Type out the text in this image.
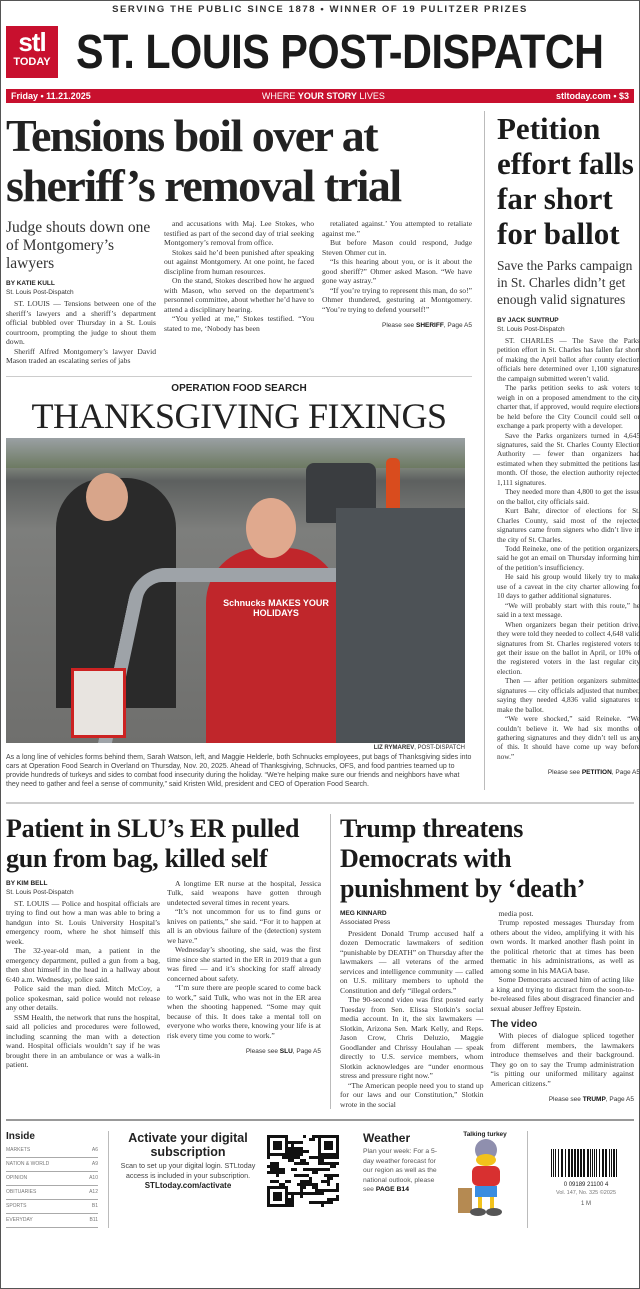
SERVING THE PUBLIC SINCE 1878 • WINNER OF 19 PULITZER PRIZES
stl
TODAY ST. LOUIS POST-DISPATCH
Friday • 11.21.2025	WHERE YOUR STORY LIVES	stltoday.com • $3
Tensions boil over at sheriff’s removal trial
Judge shouts down one of Montgomery’s lawyers
BY KATIE KULL
St. Louis Post-Dispatch

ST. LOUIS — Tensions between one of the sheriff’s lawyers and a sheriff’s department official bubbled over Thursday in a St. Louis courtroom, prompting the judge to shout them down.

Sheriff Alfred Montgomery’s lawyer David Mason traded an escalating series of jabs

and accusations with Maj. Lee Stokes, who testified as part of the second day of trial seeking Montgomery’s removal from office.

Stokes said he’d been punished after speaking out against Montgomery. At one point, he faced discipline from human resources.

On the stand, Stokes described how he argued with Mason, who served on the department’s personnel committee, about whether he’d have to attend a disciplinary hearing.

“You yelled at me,” Stokes testified. “You stated to me, ‘Nobody has been

retaliated against.’ You attempted to retaliate against me.”

But before Mason could respond, Judge Steven Ohmer cut in.

“Is this hearing about you, or is it about the good sheriff?” Ohmer asked Mason. “We have gone way astray.”

“If you’re trying to represent this man, do so!” Ohmer thundered, gesturing at Montgomery. “You’re trying to defend yourself!”

Please see SHERIFF, Page A5
OPERATION FOOD SEARCH
THANKSGIVING FIXINGS
Schnucks MAKES YOUR HOLIDAYS
LIZ RYMAREV, POST-DISPATCH
As a long line of vehicles forms behind them, Sarah Watson, left, and Maggie Helderle, both Schnucks employees, put bags of Thanksgiving sides into cars at Operation Food Search in Overland on Thursday, Nov. 20, 2025. Ahead of Thanksgiving, Schnucks, OFS, and food pantries teamed up to provide hundreds of turkeys and sides to combat food insecurity during the holiday. “We’re helping make sure our friends and neighbors have what they need to gather and feel a sense of community,” said Kristen Wild, president and CEO of Operation Food Search.
Petition effort falls far short for ballot
Save the Parks campaign in St. Charles didn’t get enough valid signatures
BY JACK SUNTRUP
St. Louis Post-Dispatch

ST. CHARLES — The Save the Parks petition effort in St. Charles has fallen far short of making the April ballot after county election officials here determined over 1,100 signatures the campaign submitted weren’t valid.

The parks petition seeks to ask voters to weigh in on a proposed amendment to the city charter that, if approved, would require elections be held before the City Council could sell or exchange a park property with a developer.

Save the Parks organizers turned in 4,645 signatures, said the St. Charles County Election Authority — fewer than organizers had estimated when they submitted the petitions last month. Of those, the election authority rejected 1,111 signatures.

They needed more than 4,800 to get the issue on the ballot, city officials said.

Kurt Bahr, director of elections for St. Charles County, said most of the rejected signatures came from signers who didn’t live in the city of St. Charles.

Todd Reineke, one of the petition organizers, said he got an email on Thursday informing him of the petition’s insufficiency.

He said his group would likely try to make use of a caveat in the city charter allowing for 10 days to gather additional signatures.

“We will probably start with this route,” he said in a text message.

When organizers began their petition drive, they were told they needed to collect 4,648 valid signatures from St. Charles registered voters to get their issue on the ballot in April, or 10% of the registered voters in the last regular city election.

Then — after petition organizers submitted signatures — city officials adjusted that number, saying they needed 4,836 valid signatures to make the ballot.

“We were shocked,” said Reineke. “We couldn’t believe it. We had six months of gathering signatures and they didn’t tell us any of this. It should have come up way before now.”

Please see PETITION, Page A5
Patient in SLU’s ER pulled gun from bag, killed self
BY KIM BELL
St. Louis Post-Dispatch

ST. LOUIS — Police and hospital officials are trying to find out how a man was able to bring a handgun into St. Louis University Hospital’s emergency room, where he shot himself this week.

The 32-year-old man, a patient in the emergency department, pulled a gun from a bag, then shot himself in the head in a hallway about 6:40 a.m. Wednesday, police said.

Police said the man died. Mitch McCoy, a police spokesman, said police would not release any other details.

SSM Health, the network that runs the hospital, said all policies and procedures were followed, including scanning the man with a detection wand. Hospital officials wouldn’t say if he was brought there in an ambulance or was a walk-in patient.

A longtime ER nurse at the hospital, Jessica Tulk, said weapons have gotten through undetected several times in recent years.

“It’s not uncommon for us to find guns or knives on patients,” she said. “For it to happen at all is an obvious failure of the (detection) system we have.”

Wednesday’s shooting, she said, was the first time since she started in the ER in 2019 that a gun was fired — and it’s shocking for staff already concerned about safety.

“I’m sure there are people scared to come back to work,” said Tulk, who was not in the ER area when the shooting happened. “Some may quit because of this. It does take a mental toll on everyone who works there, knowing your life is at risk every time you come to work.”

Please see SLU, Page A5
Trump threatens Democrats with punishment by ‘death’
MEG KINNARD
Associated Press

President Donald Trump accused half a dozen Democratic lawmakers of sedition “punishable by DEATH” on Thursday after the lawmakers — all veterans of the armed services and intelligence community — called on U.S. military members to uphold the Constitution and defy “illegal orders.”

The 90-second video was first posted early Tuesday from Sen. Elissa Slotkin’s social media account. In it, the six lawmakers — Slotkin, Arizona Sen. Mark Kelly, and Reps. Jason Crow, Chris Deluzio, Maggie Goodlander and Chrissy Houlahan — speak directly to U.S. service members, whom Slotkin acknowledges are “under enormous stress and pressure right now.”

“The American people need you to stand up for our laws and our Constitution,” Slotkin wrote in the social

media post.

Trump reposted messages Thursday from others about the video, amplifying it with his own words. It marked another flash point in the political rhetoric that at times has been thematic in his administrations, as well as among some in his MAGA base.

Some Democrats accused him of acting like a king and trying to distract from the soon-to-be-released files about disgraced financier and sexual abuser Jeffrey Epstein.

The video

With pieces of dialogue spliced together from different members, the lawmakers introduce themselves and their background. They go on to say the Trump administration “is pitting our uniformed military against American citizens.”

Please see TRUMP, Page A5
Inside
MARKETS	A6
NATION & WORLD	A9
OPINION	A10
OBITUARIES	A12
SPORTS	B1
EVERYDAY	B11
Activate your digital subscription
Scan to set up your digital login. STLtoday access is included in your subscription.
STLtoday.com/activate
Weather
Plan your week: For a 5-day weather forecast for our region as well as the national outlook, please see PAGE B14
Talking turkey
0 09189 21100 4
Vol. 147, No. 325 ©2025
1 M
